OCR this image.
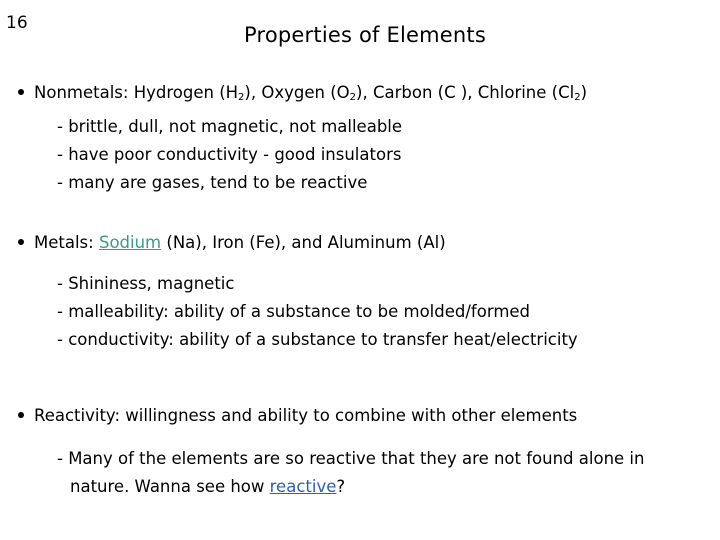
16	Properties of Elements
Nonmetals: Hydrogen $(H_2)$, Oxygen $(O_2)$, Carbon (C ), Chlorine $(Cl_2)$
- brittle, dull, not magnetic, not malleable
- have poor conductivity - good insulators
- many are gases, tend to be reactive
Metals: Sodium (Na), Iron (Fe), and Aluminum (Al)
- Shininess, magnetic
- malleability: ability of a substance to be molded/formed
- conductivity: ability of a substance to transfer heat/electricity
Reactivity: willingness and ability to combine with other elements
- Many of the elements are so reactive that they are not found alone in
nature. Wanna see how reactive?
